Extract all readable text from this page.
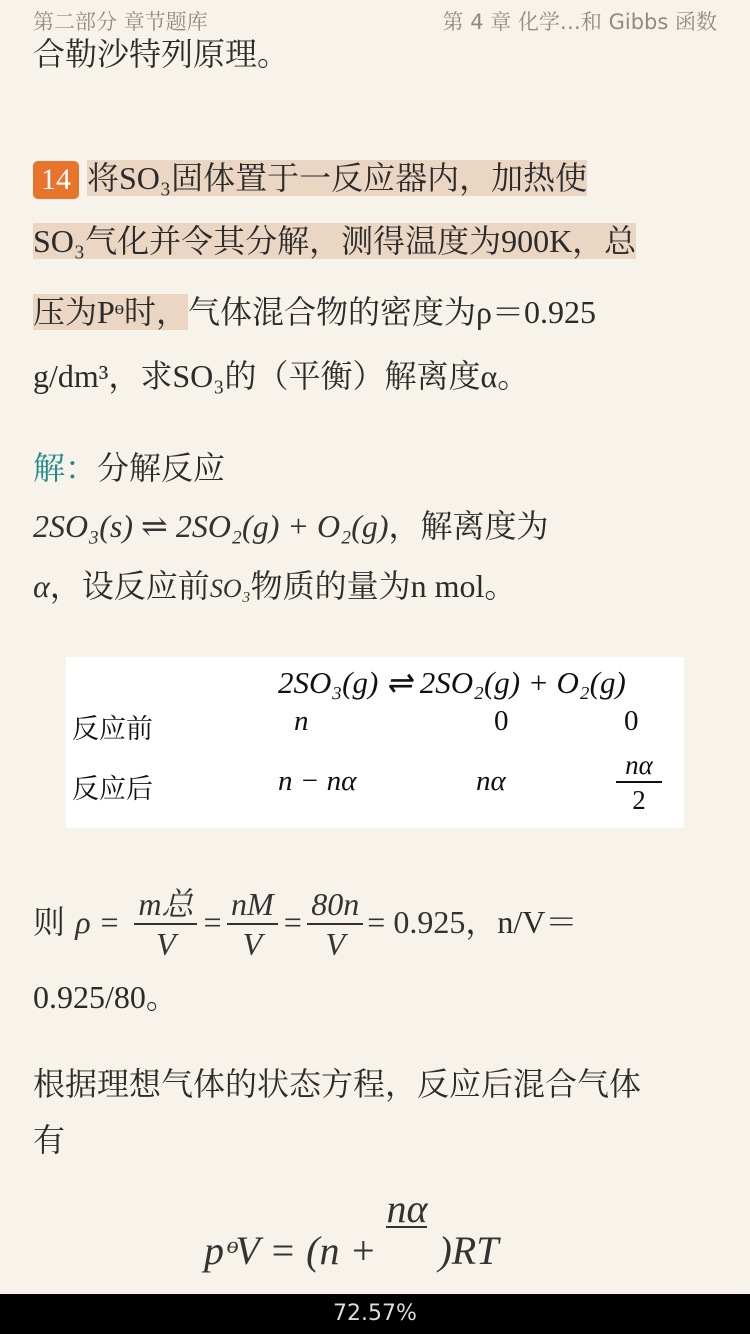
第二部分 章节题库	第 4 章 化学…和 Gibbs 函数
合勒沙特列原理。
14 将SO₃固体置于一反应器内，加热使
SO₃气化并令其分解，测得温度为900K，总
压为Pᶱ时，气体混合物的密度为ρ＝0.925
g/dm³，求SO₃的（平衡）解离度α。
解：分解反应
2SO₃(s) ⇌ 2SO₂(g) + O₂(g)，解离度为
α，设反应前SO₃物质的量为n mol。
2SO₃(g) ⇌ 2SO₂(g) + O₂(g)
反应前	n	0	0
反应后	n − nα	nα	$\frac{n\alpha}{2}$
则 $\rho = \frac{\text{m总}}{V} = \frac{nM}{V} = \frac{80n}{V} = 0.925$，n/V＝
0.925/80。
根据理想气体的状态方程，反应后混合气体
有
pᶱV = (n +
nα
)RT
72.57%
